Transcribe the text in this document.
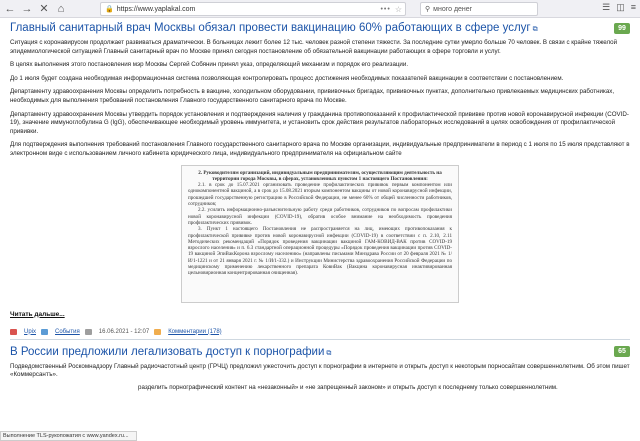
← → ✕ ⌂	🔒 https://www.yaplakal.com	••• ☆	⚲
много денег	☰ ◫ ≡
Главный санитарный врач Москвы обязал провести вакцинацию 60% работающих в сфере услуг ⧉	99

Ситуация с коронавирусом продолжает развиваться драматически. В больницах лежит более 12 тыс. человек разной степени тяжести. За последние сутки умерло больше 70 человек. В связи с крайне тяжелой эпидемиологической ситуацией Главный санитарный врач по Москве принял сегодня постановление об обязательной вакцинации работающих в сфере торговли и услуг.

В целях выполнения этого постановления мэр Москвы Сергей Собянин принял указ, определяющий механизм и порядок его реализации.

До 1 июля будет создана необходимая информационная система позволяющая контролировать процесс достижения необходимых показателей вакцинации в соответствии с постановлением.

Департаменту здравоохранения Москвы определить потребность в вакцине, холодильном оборудовании, прививочных бригадах, прививочных пунктах, дополнительно привлекаемых медицинских работниках, необходимых для выполнения требований постановления Главного государственного санитарного врача по Москве.

Департаменту здравоохранения Москвы утвердить порядок установления и подтверждения наличия у гражданина противопоказаний к профилактической прививке против новой коронавирусной инфекции (COVID-19), значение иммуноглобулина G (IgG), обеспечивающее необходимый уровень иммунитета, и установить срок действия результатов лабораторных исследований в целях освобождения от профилактической прививки.

Для подтверждения выполнения требований постановления Главного государственного санитарного врача по Москве организации, индивидуальные предприниматели в период с 1 июля по 15 июля представляют в электронном виде с использованием личного кабинета юридического лица, индивидуального предпринимателя на официальном сайте

2. Руководителям организаций, индивидуальным предпринимателям, осуществляющим деятельность на территории города Москвы, в сферах, установленных пунктом 1 настоящего Постановления:
2.1. в срок до 15.07.2021 организовать проведение профилактических прививок первым компонентом или однокомпонентной вакциной, а в срок до 15.08.2021 вторым компонентом вакцины от новой коронавирусной инфекции, прошедшей государственную регистрацию в Российской Федерации, не менее 60% от общей численности работников, сотрудников;
2.2. усилить информационно-разъяснительную работу среди работников, сотрудников по вопросам профилактики новой коронавирусной инфекции (COVID-19), обратив особое внимание на необходимость проведения профилактических прививок.
3. Пункт 1 настоящего Постановления не распространяется на лиц, имеющих противопоказания к профилактической прививке против новой коронавирусной инфекции (COVID-19) в соответствии с п. 2.10, 2.11 Методических рекомендаций «Порядок проведения вакцинации вакциной ГАМ-КОВИД-ВАК против COVID-19 взрослого населения» и п. 6.3 стандартной операционной процедуры «Порядок проведения вакцинации против COVID-19 вакциной ЭпиВакКорона взрослому населению» (направлены письмами Минздрава России от 20 февраля 2021 № 1/И/1-1221 и от 21 января 2021 г. № 1/И/1-332.) и Инструкции Министерства здравоохранения Российской Федерации по медицинскому применению лекарственного препарата КовиВак (Вакцина коронавирусная инактивированная цельновирионная концентрированная очищенная).
Читать дальше...
Upix	События	16.06.2021 - 12:07	Комментарии (178)
В России предложили легализовать доступ к порнографии ⧉	65

Подведомственный Роскомнадзору Главный радиочастотный центр (ГРЧЦ) предложил ужесточить доступ к порнографии в интернете и открыть доступ к некоторым порносайтам совершеннолетним. Об этом пишет «Коммерсантъ».

разделить порнографический контент на «незаконный» и «не запрещенный законом» и открыть доступ к последнему только совершеннолетним.

Выполнение TLS-рукопожатия с www.yandex.ru...
